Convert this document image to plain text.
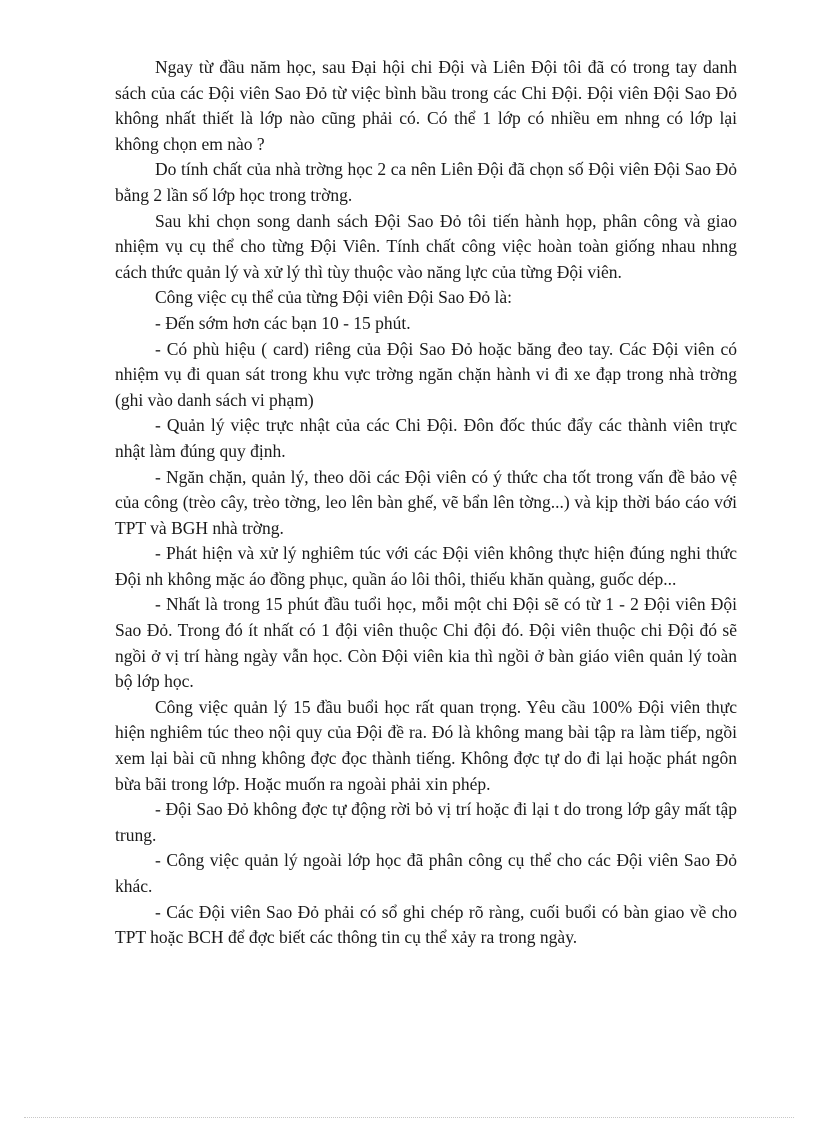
Ngay từ đầu năm học, sau Đại hội chi Đội và Liên Đội tôi đã có trong tay danh sách của các Đội viên Sao Đỏ từ việc bình bầu trong các Chi Đội. Đội viên Đội Sao Đỏ không nhất thiết là lớp nào cũng phải có. Có thể 1 lớp có nhiều em nhng có lớp lại không chọn em nào ?

Do tính chất của nhà trờng học 2 ca nên Liên Đội đã chọn số Đội viên Đội Sao Đỏ bằng 2 lần số lớp học trong trờng.

Sau khi chọn song danh sách Đội Sao Đỏ tôi tiến hành họp, phân công và giao nhiệm vụ cụ thể cho từng Đội Viên. Tính chất công việc hoàn toàn giống nhau nhng cách thức quản lý và xử lý thì tùy thuộc vào năng lực của từng Đội viên.

Công việc cụ thể của từng Đội viên Đội Sao Đỏ là:

- Đến sớm hơn các bạn 10 - 15 phút.

- Có phù hiệu ( card) riêng của Đội Sao Đỏ hoặc băng đeo tay. Các Đội viên có nhiệm vụ đi quan sát trong khu vực trờng ngăn chặn hành vi đi xe đạp trong nhà trờng (ghi vào danh sách vi phạm)

- Quản lý việc trực nhật của các Chi Đội. Đôn đốc thúc đẩy các thành viên trực nhật làm đúng quy định.

- Ngăn chặn, quản lý, theo dõi các Đội viên có ý thức cha tốt trong vấn đề bảo vệ của công (trèo cây, trèo tờng, leo lên bàn ghế, vẽ bẩn lên tờng...) và kịp thời báo cáo với TPT và BGH nhà trờng.

- Phát hiện và xử lý nghiêm túc với các Đội viên không thực hiện đúng nghi thức Đội nh không mặc áo đồng phục, quần áo lôi thôi, thiếu khăn quàng, guốc dép...

- Nhất là trong 15 phút đầu tuổi học, mỗi một chi Đội sẽ có từ 1 - 2 Đội viên Đội Sao Đỏ. Trong đó ít nhất có 1 đội viên thuộc Chi đội đó. Đội viên thuộc chi Đội đó sẽ ngồi ở vị trí hàng ngày vẫn học. Còn Đội viên kia thì ngồi ở bàn giáo viên quản lý toàn bộ lớp học.

Công việc quản lý 15 đầu buổi học rất quan trọng. Yêu cầu 100% Đội viên thực hiện nghiêm túc theo nội quy của Đội đề ra. Đó là không mang bài tập ra làm tiếp, ngồi xem lại bài cũ nhng không đợc đọc thành tiếng. Không đợc tự do đi lại hoặc phát ngôn bừa bãi trong lớp. Hoặc muốn ra ngoài phải xin phép.

- Đội Sao Đỏ không đợc tự động rời bỏ vị trí hoặc đi lại t do trong lớp gây mất tập trung.

- Công việc quản lý ngoài lớp học đã phân công cụ thể cho các Đội viên Sao Đỏ khác.

- Các Đội viên Sao Đỏ phải có sổ ghi chép rõ ràng, cuối buổi có bàn giao về cho TPT hoặc BCH để đợc biết các thông tin cụ thể xảy ra trong ngày.
